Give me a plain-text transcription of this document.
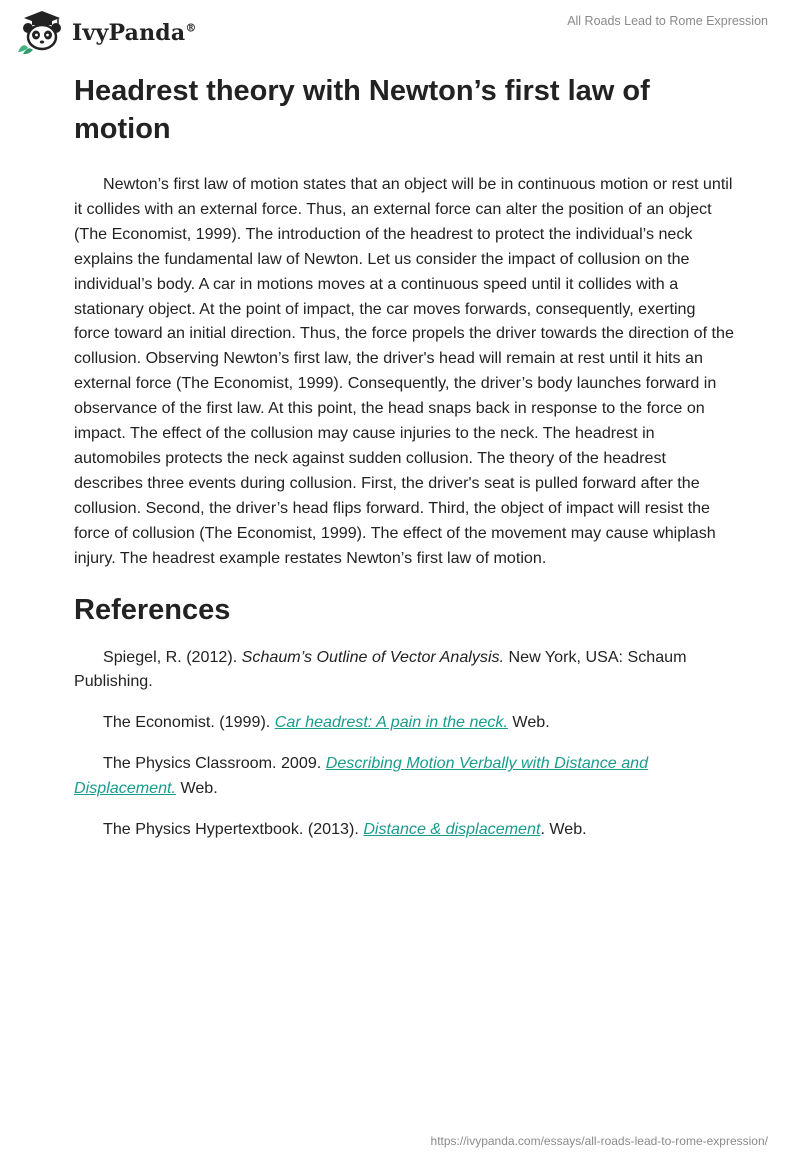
IvyPanda®
All Roads Lead to Rome Expression
Headrest theory with Newton’s first law of motion

Newton’s first law of motion states that an object will be in continuous motion or rest until it collides with an external force. Thus, an external force can alter the position of an object (The Economist, 1999). The introduction of the headrest to protect the individual’s neck explains the fundamental law of Newton. Let us consider the impact of collusion on the individual’s body. A car in motions moves at a continuous speed until it collides with a stationary object. At the point of impact, the car moves forwards, consequently, exerting force toward an initial direction. Thus, the force propels the driver towards the direction of the collusion. Observing Newton’s first law, the driver's head will remain at rest until it hits an external force (The Economist, 1999). Consequently, the driver’s body launches forward in observance of the first law. At this point, the head snaps back in response to the force on impact. The effect of the collusion may cause injuries to the neck. The headrest in automobiles protects the neck against sudden collusion. The theory of the headrest describes three events during collusion. First, the driver's seat is pulled forward after the collusion. Second, the driver’s head flips forward. Third, the object of impact will resist the force of collusion (The Economist, 1999). The effect of the movement may cause whiplash injury. The headrest example restates Newton’s first law of motion.

References

Spiegel, R. (2012). Schaum’s Outline of Vector Analysis. New York, USA: Schaum Publishing.

The Economist. (1999). Car headrest: A pain in the neck. Web.

The Physics Classroom. 2009. Describing Motion Verbally with Distance and Displacement. Web.

The Physics Hypertextbook. (2013). Distance & displacement. Web.

https://ivypanda.com/essays/all-roads-lead-to-rome-expression/
